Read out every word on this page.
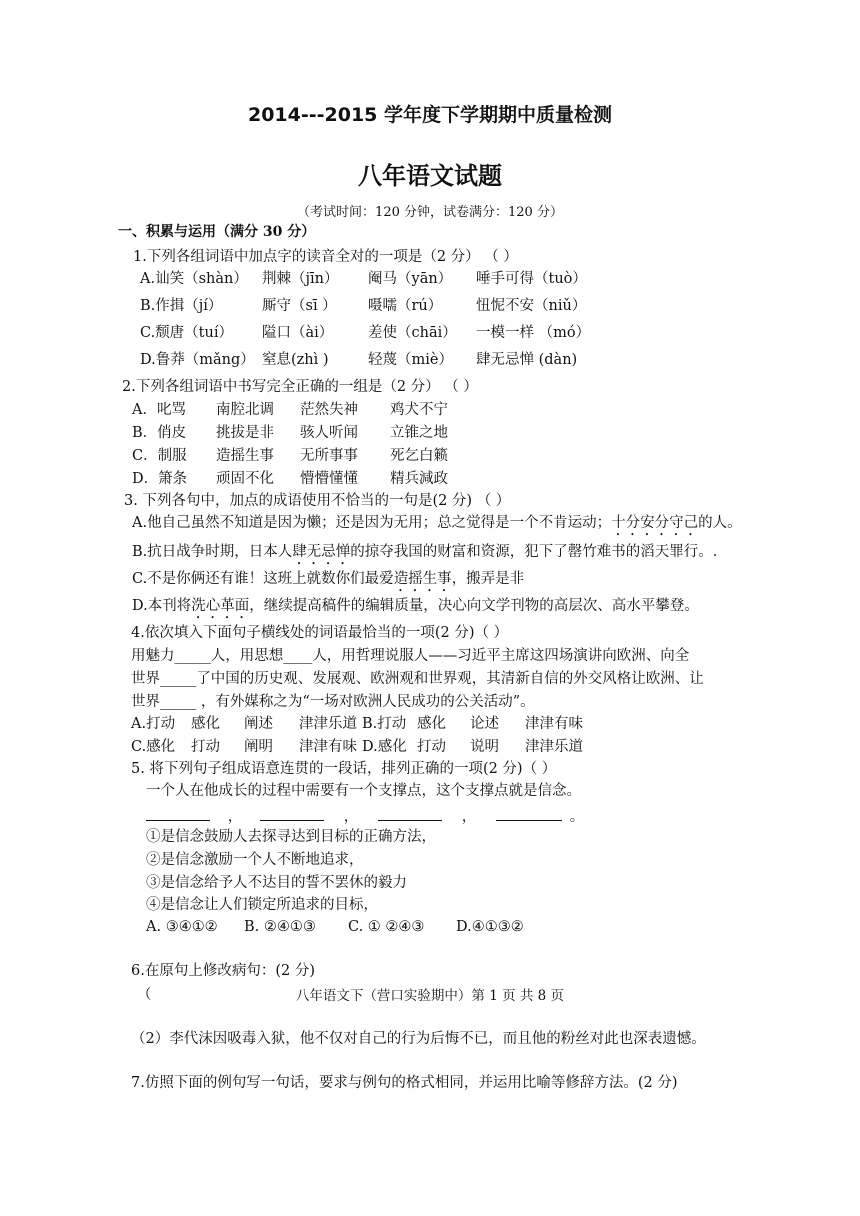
2014---2015 学年度下学期期中质量检测
八年语文试题
（考试时间：120 分钟，试卷满分：120 分）
一、积累与运用（满分 30 分）
1.下列各组词语中加点字的读音全对的一项是（2 分） （ ）
A.讪笑（shàn） 荆棘（jīn） 阉马（yān） 唾手可得（tuò）
B.作揖（jí）	厮守（sī ） 嗫嚅（rú） 忸怩不安（niǔ）
C.颓唐（tuí） 隘口（ài） 差使（chāi） 一模一样 （mó）
D.鲁莽（mǎng） 窒息(zhì )	轻蔑（miè） 肆无忌惮 (dàn)
2.下列各组词语中书写完全正确的一组是（2 分） （ ）
A．叱骂 南腔北调 茫然失神 鸡犬不宁
B．俏皮 挑拔是非 骇人听闻 立锥之地
C．制服 造摇生事 无所事事 死乞白籁
D．箫条 顽固不化 懵懵懂懂 精兵減政
3. 下列各句中，加点的成语使用不恰当的一句是(2 分) （ ）
A.他自己虽然不知道是因为懒；还是因为无用；总之觉得是一个不肯运动；十分安分守己的人。
B.抗日战争时期，日本人肆无忌惮的掠夺我国的财富和资源，犯下了罄竹难书的滔天罪行。.
C.不是你俩还有谁！这班上就数你们最爱造摇生事，搬弄是非
D.本刊将洗心革面，继续提高稿件的编辑质量，决心向文学刊物的高层次、高水平攀登。
4.依次填入下面句子横线处的词语最恰当的一项(2 分)（ ）
用魅力_____人，用思想____人，用哲理说服人——习近平主席这四场演讲向欧洲、向全
世界_____了中国的历史观、发展观、欧洲观和世界观，其清新自信的外交风格让欧洲、让
世界_____ ，有外媒称之为“一场对欧洲人民成功的公关活动”。
A.打动 感化 阐述 津津乐道 B.打动 感化 论述 津津有味
C.感化 打动 阐明 津津有味 D.感化 打动 说明 津津乐道
5. 将下列句子组成语意连贯的一段话，排列正确的一项(2 分)（ ）
一个人在他成长的过程中需要有一个支撑点，这个支撑点就是信念。
，	，	，	。
①是信念鼓励人去探寻达到目标的正确方法，
②是信念激励一个人不断地追求，
③是信念给予人不达目的誓不罢休的毅力
④是信念让人们锁定所追求的目标，
A. ③④①② B. ②④①③ C. ① ②④③ D.④①③②
6.在原句上修改病句：(2 分)
（	八年语文下（营口实验期中）第 1 页 共 8 页
（2）李代沫因吸毒入狱，他不仅对自己的行为后悔不已，而且他的粉丝对此也深表遗憾。
7.仿照下面的例句写一句话，要求与例句的格式相同，并运用比喻等修辞方法。(2 分)
